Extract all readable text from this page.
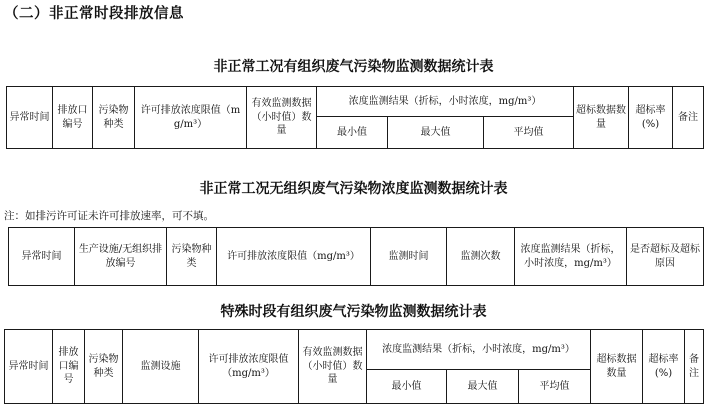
（二）非正常时段排放信息
非正常工况有组织废气污染物监测数据统计表
异常时间	排放口编号	污染物种类	许可排放浓度限值（mg/m³）	有效监测数据（小时值）数量	浓度监测结果（折标，小时浓度，mg/m³）			超标数据数量	超标率(%)	备注
					最小值	最大值	平均值			
非正常工况无组织废气污染物浓度监测数据统计表
注：如排污许可证未许可排放速率，可不填。
异常时间	生产设施/无组织排放编号	污染物种类	许可排放浓度限值（mg/m³）	监测时间	监测次数	浓度监测结果（折标，小时浓度，mg/m³）	是否超标及超标原因
特殊时段有组织废气污染物监测数据统计表
异常时间	排放口编号	污染物种类	监测设施	许可排放浓度限值（mg/m³）	有效监测数据（小时值）数量	浓度监测结果（折标，小时浓度，mg/m³）			超标数据数量	超标率(%)	备注
						最小值	最大值	平均值			
